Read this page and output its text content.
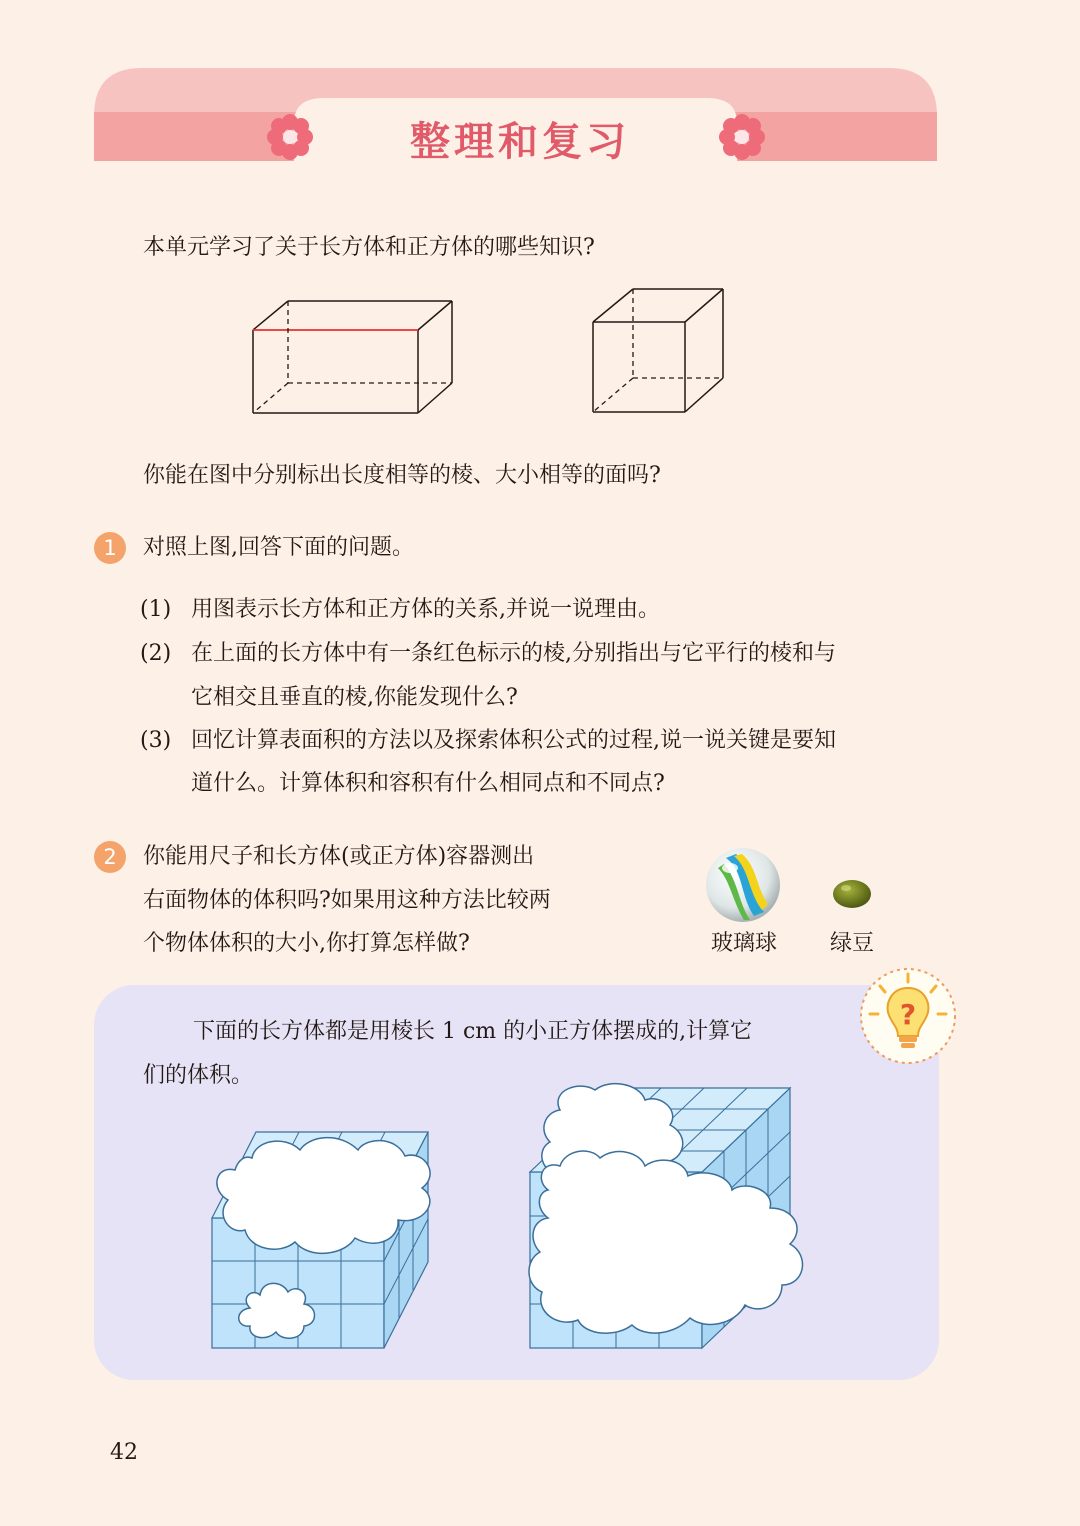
整理和复习
本单元学习了关于长方体和正方体的哪些知识?
你能在图中分别标出长度相等的棱、大小相等的面吗?
1	对照上图,回答下面的问题。
(1) 用图表示长方体和正方体的关系,并说一说理由。
(2) 在上面的长方体中有一条红色标示的棱,分别指出与它平行的棱和与
它相交且垂直的棱,你能发现什么?
(3) 回忆计算表面积的方法以及探索体积公式的过程,说一说关键是要知
道什么。计算体积和容积有什么相同点和不同点?
2	你能用尺子和长方体(或正方体)容器测出
右面物体的体积吗?如果用这种方法比较两
个物体体积的大小,你打算怎样做?	玻璃球 绿豆
?
下面的长方体都是用棱长 1 cm 的小正方体摆成的,计算它
们的体积。
42
